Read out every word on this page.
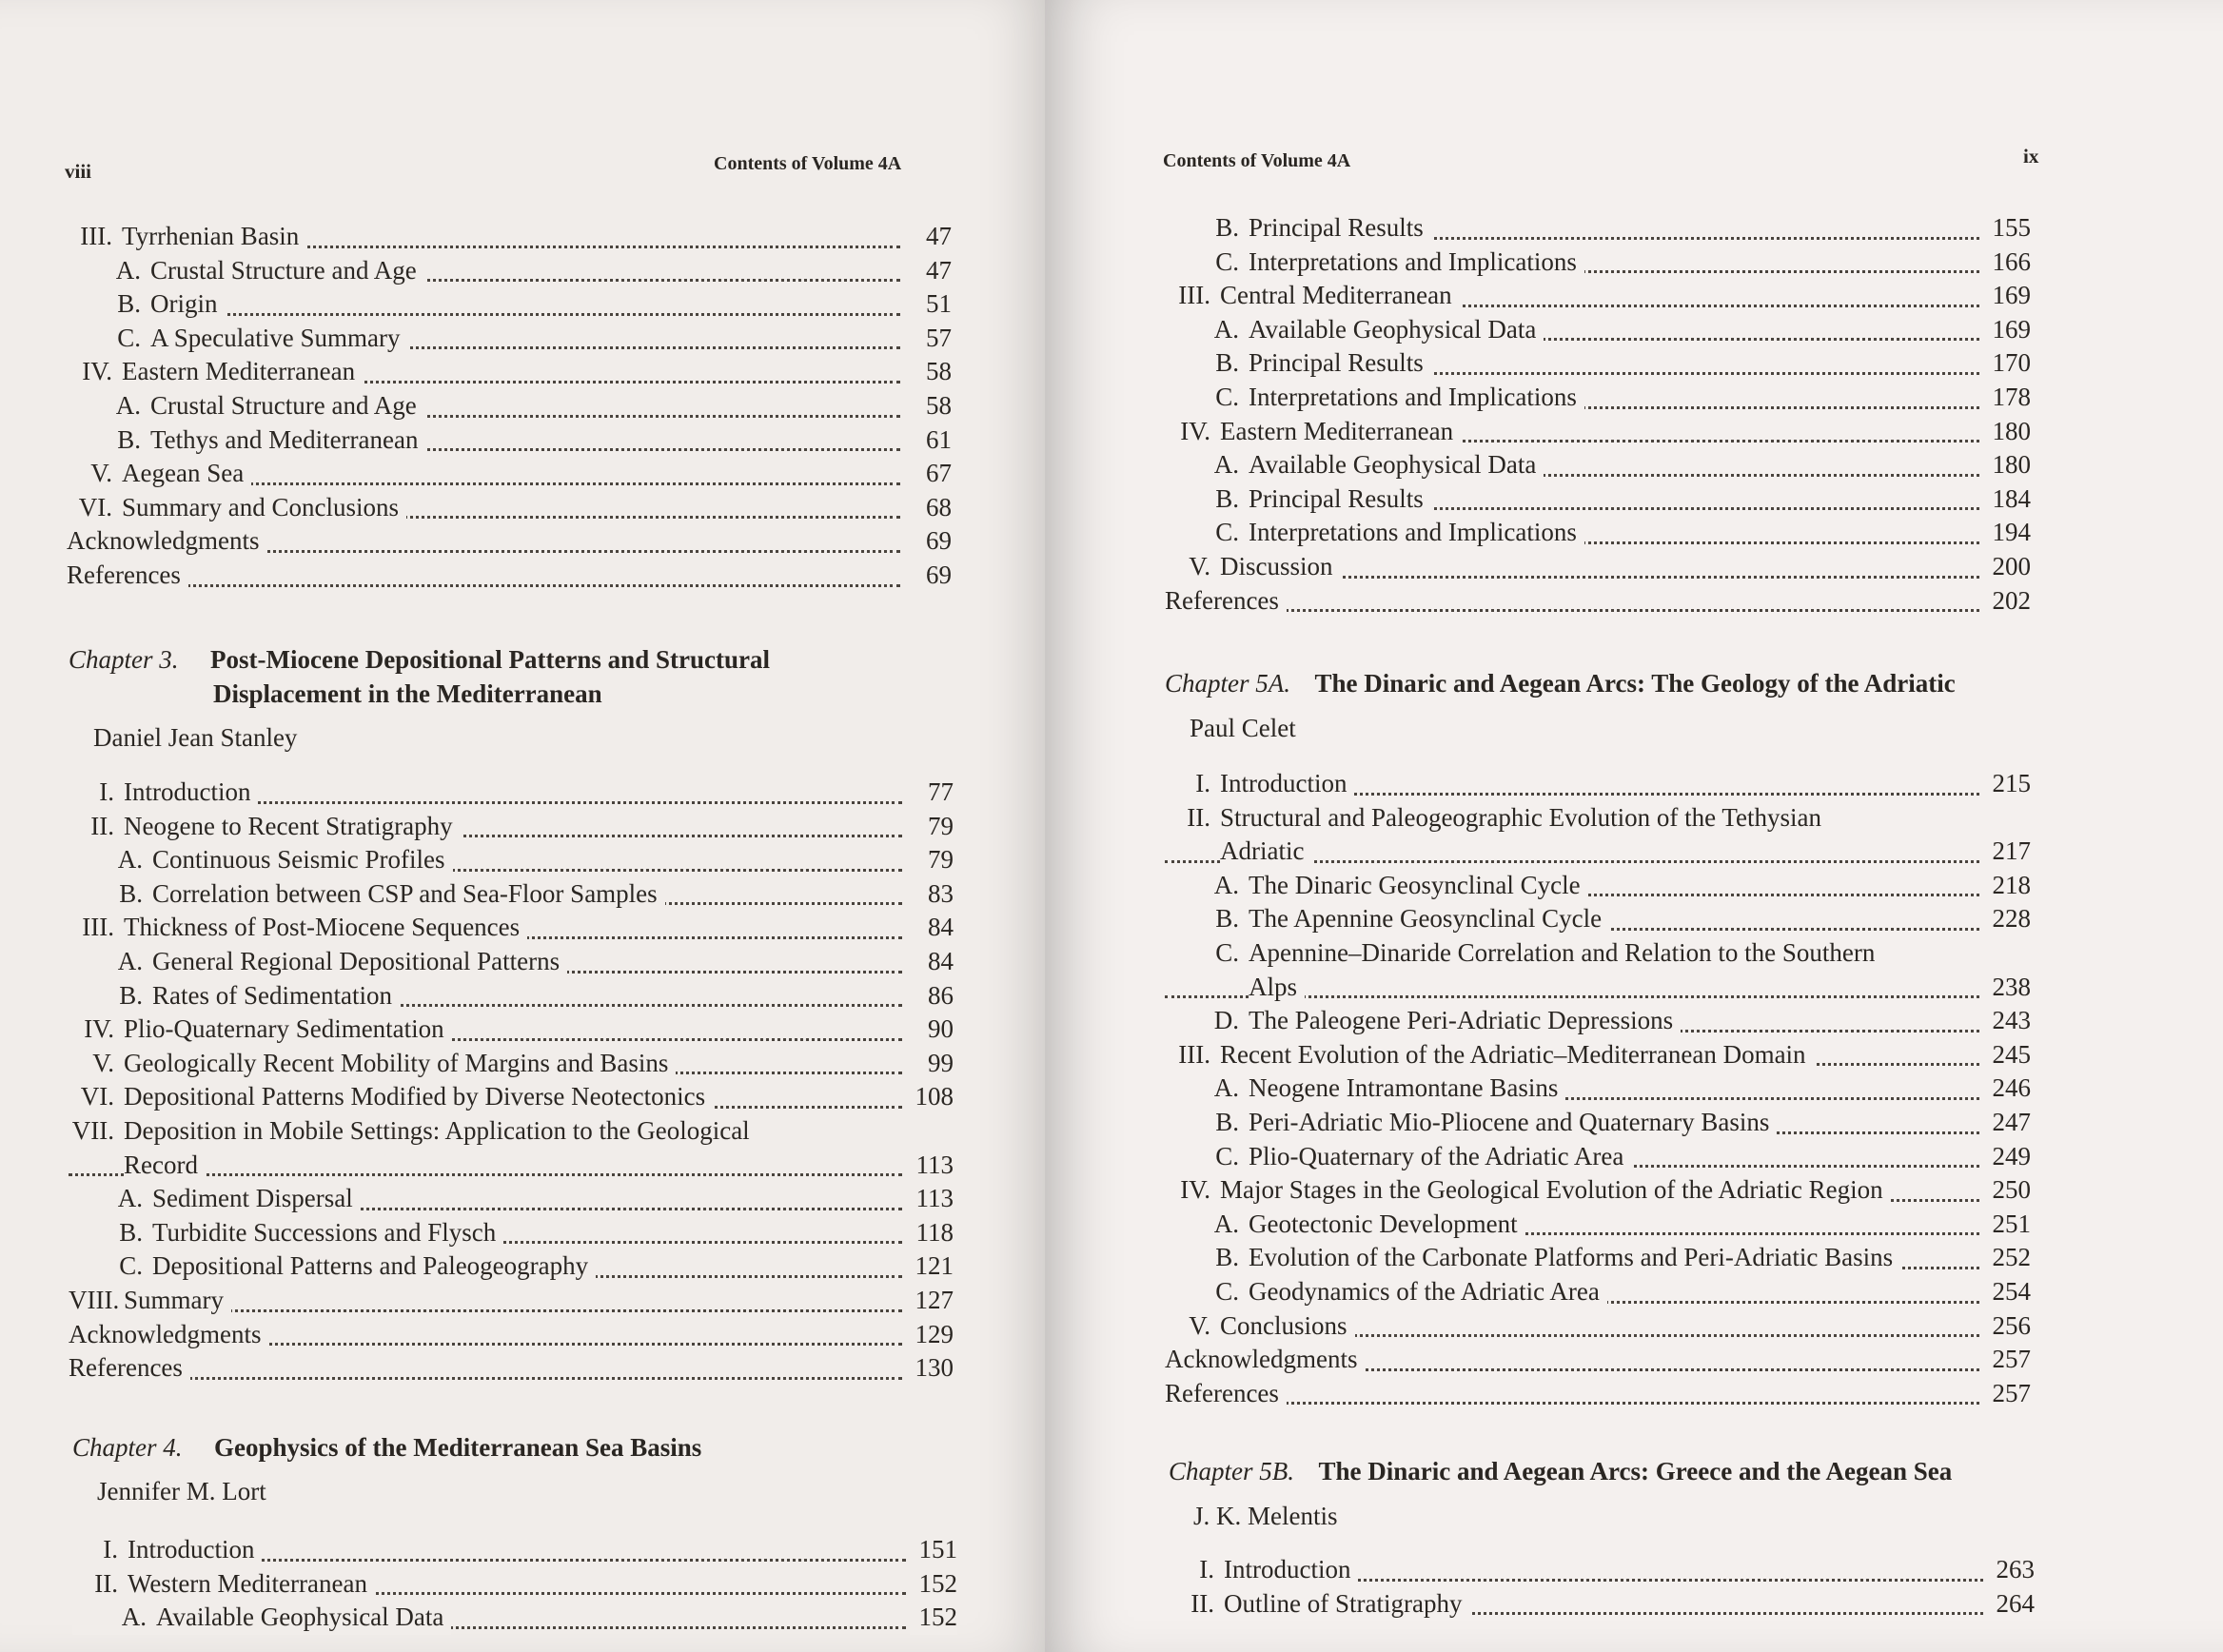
viii	Contents of Volume 4A
III. Tyrrhenian Basin	47
A. Crustal Structure and Age	47
B. Origin	51
C. A Speculative Summary	57
IV. Eastern Mediterranean	58
A. Crustal Structure and Age	58
B. Tethys and Mediterranean	61
V. Aegean Sea	67
VI. Summary and Conclusions	68
Acknowledgments	69
References	69
Chapter 3. Post-Miocene Depositional Patterns and Structural
Displacement in the Mediterranean
Daniel Jean Stanley
I. Introduction	77
II. Neogene to Recent Stratigraphy	79
A. Continuous Seismic Profiles	79
B. Correlation between CSP and Sea-Floor Samples	83
III. Thickness of Post-Miocene Sequences	84
A. General Regional Depositional Patterns	84
B. Rates of Sedimentation	86
IV. Plio-Quaternary Sedimentation	90
V. Geologically Recent Mobility of Margins and Basins	99
VI. Depositional Patterns Modified by Diverse Neotectonics	108
VII. Deposition in Mobile Settings: Application to the Geological
Record	113
A. Sediment Dispersal	113
B. Turbidite Successions and Flysch	118
C. Depositional Patterns and Paleogeography	121
VIII. Summary	127
Acknowledgments	129
References	130
Chapter 4. Geophysics of the Mediterranean Sea Basins
Jennifer M. Lort
I. Introduction	151
II. Western Mediterranean	152
A. Available Geophysical Data	152
Contents of Volume 4A	ix
B. Principal Results	155
C. Interpretations and Implications	166
III. Central Mediterranean	169
A. Available Geophysical Data	169
B. Principal Results	170
C. Interpretations and Implications	178
IV. Eastern Mediterranean	180
A. Available Geophysical Data	180
B. Principal Results	184
C. Interpretations and Implications	194
V. Discussion	200
References	202
Chapter 5A. The Dinaric and Aegean Arcs: The Geology of the Adriatic
Paul Celet
I. Introduction	215
II. Structural and Paleogeographic Evolution of the Tethysian
Adriatic	217
A. The Dinaric Geosynclinal Cycle	218
B. The Apennine Geosynclinal Cycle	228
C. Apennine–Dinaride Correlation and Relation to the Southern
Alps	238
D. The Paleogene Peri-Adriatic Depressions	243
III. Recent Evolution of the Adriatic–Mediterranean Domain	245
A. Neogene Intramontane Basins	246
B. Peri-Adriatic Mio-Pliocene and Quaternary Basins	247
C. Plio-Quaternary of the Adriatic Area	249
IV. Major Stages in the Geological Evolution of the Adriatic Region	250
A. Geotectonic Development	251
B. Evolution of the Carbonate Platforms and Peri-Adriatic Basins	252
C. Geodynamics of the Adriatic Area	254
V. Conclusions	256
Acknowledgments	257
References	257
Chapter 5B. The Dinaric and Aegean Arcs: Greece and the Aegean Sea
J. K. Melentis
I. Introduction	263
II. Outline of Stratigraphy	264
